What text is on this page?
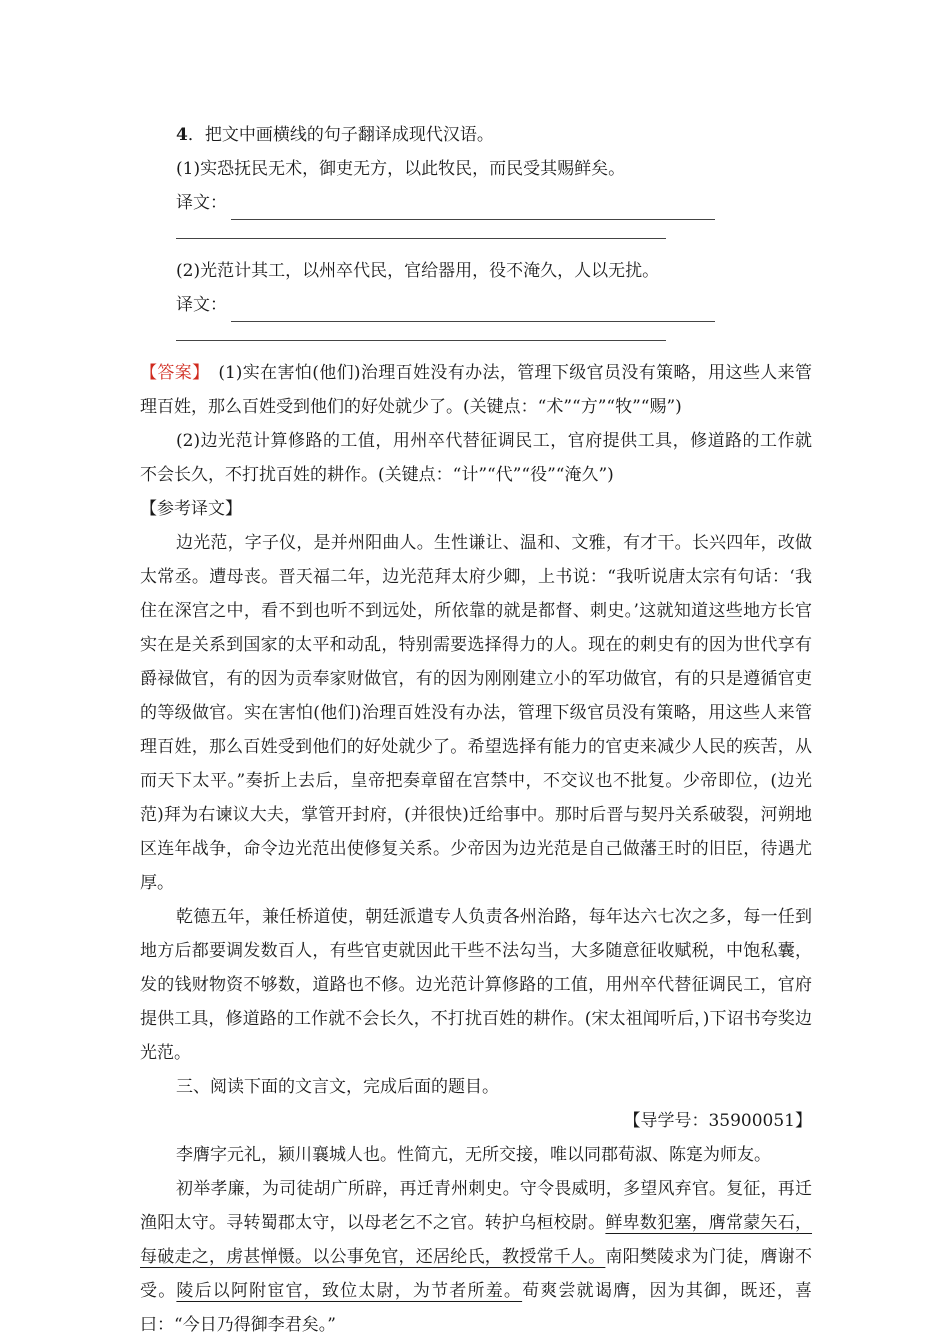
4．把文中画横线的句子翻译成现代汉语。
(1)实恐抚民无术，御吏无方，以此牧民，而民受其赐鲜矣。
译文：
(2)光范计其工，以州卒代民，官给器用，役不淹久，人以无扰。
译文：

【答案】　(1)实在害怕(他们)治理百姓没有办法，管理下级官员没有策略，用这些人来管理百姓，那么百姓受到他们的好处就少了。(关键点：“术”“方”“牧”“赐”)

(2)边光范计算修路的工值，用州卒代替征调民工，官府提供工具，修道路的工作就不会长久，不打扰百姓的耕作。(关键点：“计”“代”“役”“淹久”)

【参考译文】

边光范，字子仪，是并州阳曲人。生性谦让、温和、文雅，有才干。长兴四年，改做太常丞。遭母丧。晋天福二年，边光范拜太府少卿，上书说：“我听说唐太宗有句话：‘我住在深宫之中，看不到也听不到远处，所依靠的就是都督、刺史。’这就知道这些地方长官实在是关系到国家的太平和动乱，特别需要选择得力的人。现在的刺史有的因为世代享有爵禄做官，有的因为贡奉家财做官，有的因为刚刚建立小的军功做官，有的只是遵循官吏的等级做官。实在害怕(他们)治理百姓没有办法，管理下级官员没有策略，用这些人来管理百姓，那么百姓受到他们的好处就少了。希望选择有能力的官吏来减少人民的疾苦，从而天下太平。”奏折上去后，皇帝把奏章留在宫禁中，不交议也不批复。少帝即位，(边光范)拜为右谏议大夫，掌管开封府，(并很快)迁给事中。那时后晋与契丹关系破裂，河朔地区连年战争，命令边光范出使修复关系。少帝因为边光范是自己做藩王时的旧臣，待遇尤厚。

乾德五年，兼任桥道使，朝廷派遣专人负责各州治路，每年达六七次之多，每一任到地方后都要调发数百人，有些官吏就因此干些不法勾当，大多随意征收赋税，中饱私囊，发的钱财物资不够数，道路也不修。边光范计算修路的工值，用州卒代替征调民工，官府提供工具，修道路的工作就不会长久，不打扰百姓的耕作。(宋太祖闻听后，)下诏书夸奖边光范。

三、阅读下面的文言文，完成后面的题目。
【导学号：35900051】

李膺字元礼，颍川襄城人也。性简亢，无所交接，唯以同郡荀淑、陈寔为师友。

初举孝廉，为司徒胡广所辟，再迁青州刺史。守令畏威明，多望风弃官。复征，再迁渔阳太守。寻转蜀郡太守，以母老乞不之官。转护乌桓校尉。鲜卑数犯塞，膺常蒙矢石，每破走之，虏甚惮慑。以公事免官，还居纶氏，教授常千人。南阳樊陵求为门徒，膺谢不受。陵后以阿附宦官，致位太尉，为节者所羞。荀爽尝就谒膺，因为其御，既还，喜曰：“今日乃得御李君矣。”
